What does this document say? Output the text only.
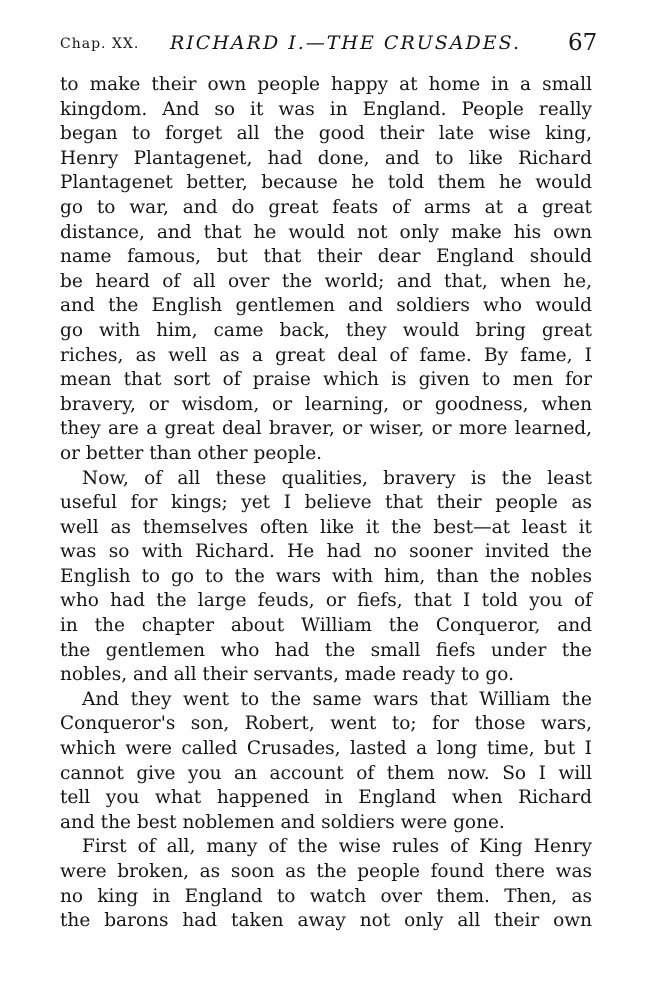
Chap. XX. RICHARD I.—THE CRUSADES. 67
to make their own people happy at home in a small
kingdom. And so it was in England. People really
began to forget all the good their late wise king,
Henry Plantagenet, had done, and to like Richard
Plantagenet better, because he told them he would
go to war, and do great feats of arms at a great
distance, and that he would not only make his own
name famous, but that their dear England should
be heard of all over the world; and that, when he,
and the English gentlemen and soldiers who would
go with him, came back, they would bring great
riches, as well as a great deal of fame. By fame, I
mean that sort of praise which is given to men for
bravery, or wisdom, or learning, or goodness, when
they are a great deal braver, or wiser, or more learned,
or better than other people.
Now, of all these qualities, bravery is the least
useful for kings; yet I believe that their people as
well as themselves often like it the best—at least it
was so with Richard. He had no sooner invited the
English to go to the wars with him, than the nobles
who had the large feuds, or fiefs, that I told you of
in the chapter about William the Conqueror, and
the gentlemen who had the small fiefs under the
nobles, and all their servants, made ready to go.
And they went to the same wars that William the
Conqueror's son, Robert, went to; for those wars,
which were called Crusades, lasted a long time, but I
cannot give you an account of them now. So I will
tell you what happened in England when Richard
and the best noblemen and soldiers were gone.
First of all, many of the wise rules of King Henry
were broken, as soon as the people found there was
no king in England to watch over them. Then, as
the barons had taken away not only all their own
